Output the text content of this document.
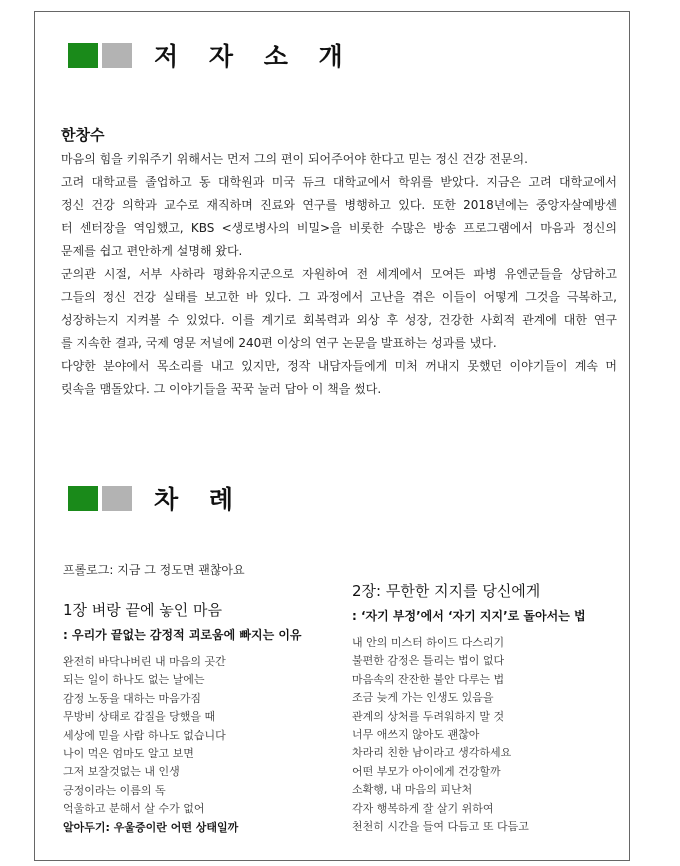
저 자 소 개
한창수
마음의 힘을 키워주기 위해서는 먼저 그의 편이 되어주어야 한다고 믿는 정신 건강 전문의.
고려 대학교를 졸업하고 동 대학원과 미국 듀크 대학교에서 학위를 받았다. 지금은 고려 대학교에서
정신 건강 의학과 교수로 재직하며 진료와 연구를 병행하고 있다. 또한 2018년에는 중앙자살예방센
터 센터장을 역임했고, KBS <생로병사의 비밀>을 비롯한 수많은 방송 프로그램에서 마음과 정신의
문제를 쉽고 편안하게 설명해 왔다.
군의관 시절, 서부 사하라 평화유지군으로 자원하여 전 세계에서 모여든 파병 유엔군들을 상담하고
그들의 정신 건강 실태를 보고한 바 있다. 그 과정에서 고난을 겪은 이들이 어떻게 그것을 극복하고,
성장하는지 지켜볼 수 있었다. 이를 계기로 회복력과 외상 후 성장, 건강한 사회적 관계에 대한 연구
를 지속한 결과, 국제 영문 저널에 240편 이상의 연구 논문을 발표하는 성과를 냈다.
다양한 분야에서 목소리를 내고 있지만, 정작 내담자들에게 미처 꺼내지 못했던 이야기들이 계속 머
릿속을 맴돌았다. 그 이야기들을 꾹꾹 눌러 담아 이 책을 썼다.
차 례
프롤로그: 지금 그 정도면 괜찮아요
1장 벼랑 끝에 놓인 마음
: 우리가 끝없는 감정적 괴로움에 빠지는 이유
완전히 바닥나버린 내 마음의 곳간
되는 일이 하나도 없는 날에는
감정 노동을 대하는 마음가짐
무방비 상태로 갑질을 당했을 때
세상에 믿을 사람 하나도 없습니다
나이 먹은 엄마도 알고 보면
그저 보잘것없는 내 인생
긍정이라는 이름의 독
억울하고 분해서 살 수가 없어
알아두기: 우울증이란 어떤 상태일까
2장: 무한한 지지를 당신에게
: ‘자기 부정’에서 ‘자기 지지’로 돌아서는 법
내 안의 미스터 하이드 다스리기
불편한 감정은 틀리는 법이 없다
마음속의 잔잔한 불안 다루는 법
조금 늦게 가는 인생도 있음을
관계의 상처를 두려워하지 말 것
너무 애쓰지 않아도 괜찮아
차라리 친한 남이라고 생각하세요
어떤 부모가 아이에게 건강할까
소확행, 내 마음의 피난처
각자 행복하게 잘 살기 위하여
천천히 시간을 들여 다듬고 또 다듬고
